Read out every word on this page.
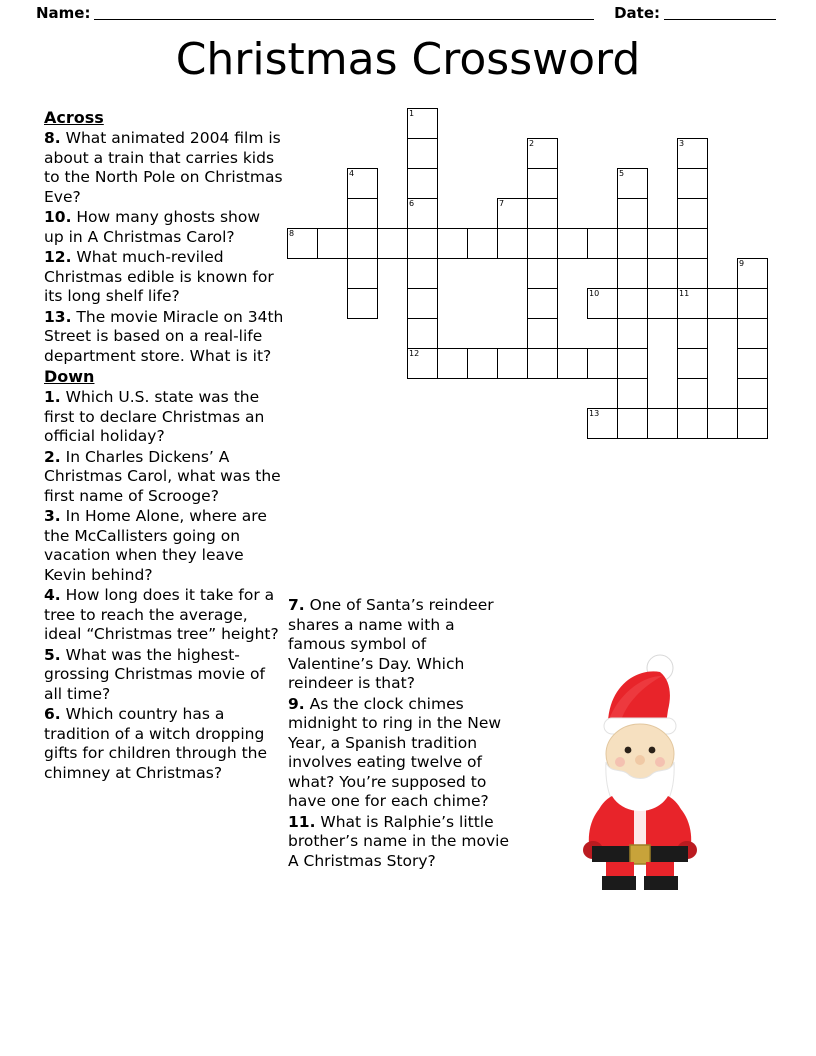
Name:	Date:
Christmas Crossword
Across

8. What animated 2004 film is about a train that carries kids to the North Pole on Christmas Eve?

10. How many ghosts show up in A Christmas Carol?

12. What much-reviled Christmas edible is known for its long shelf life?

13. The movie Miracle on 34th Street is based on a real-life department store. What is it?

Down

1. Which U.S. state was the first to declare Christmas an official holiday?

2. In Charles Dickens’ A Christmas Carol, what was the first name of Scrooge?

3. In Home Alone, where are the McCallisters going on vacation when they leave Kevin behind?

4. How long does it take for a tree to reach the average, ideal “Christmas tree” height?

5. What was the highest-grossing Christmas movie of all time?

6. Which country has a tradition of a witch dropping gifts for children through the chimney at Christmas?

7. One of Santa’s reindeer shares a name with a famous symbol of Valentine’s Day. Which reindeer is that?

9. As the clock chimes midnight to ring in the New Year, a Spanish tradition involves eating twelve of what? You’re supposed to have one for each chime?

11. What is Ralphie’s little brother’s name in the movie A Christmas Story?

1
2	3
4	5
6	7
8
9
10	11
12
13
